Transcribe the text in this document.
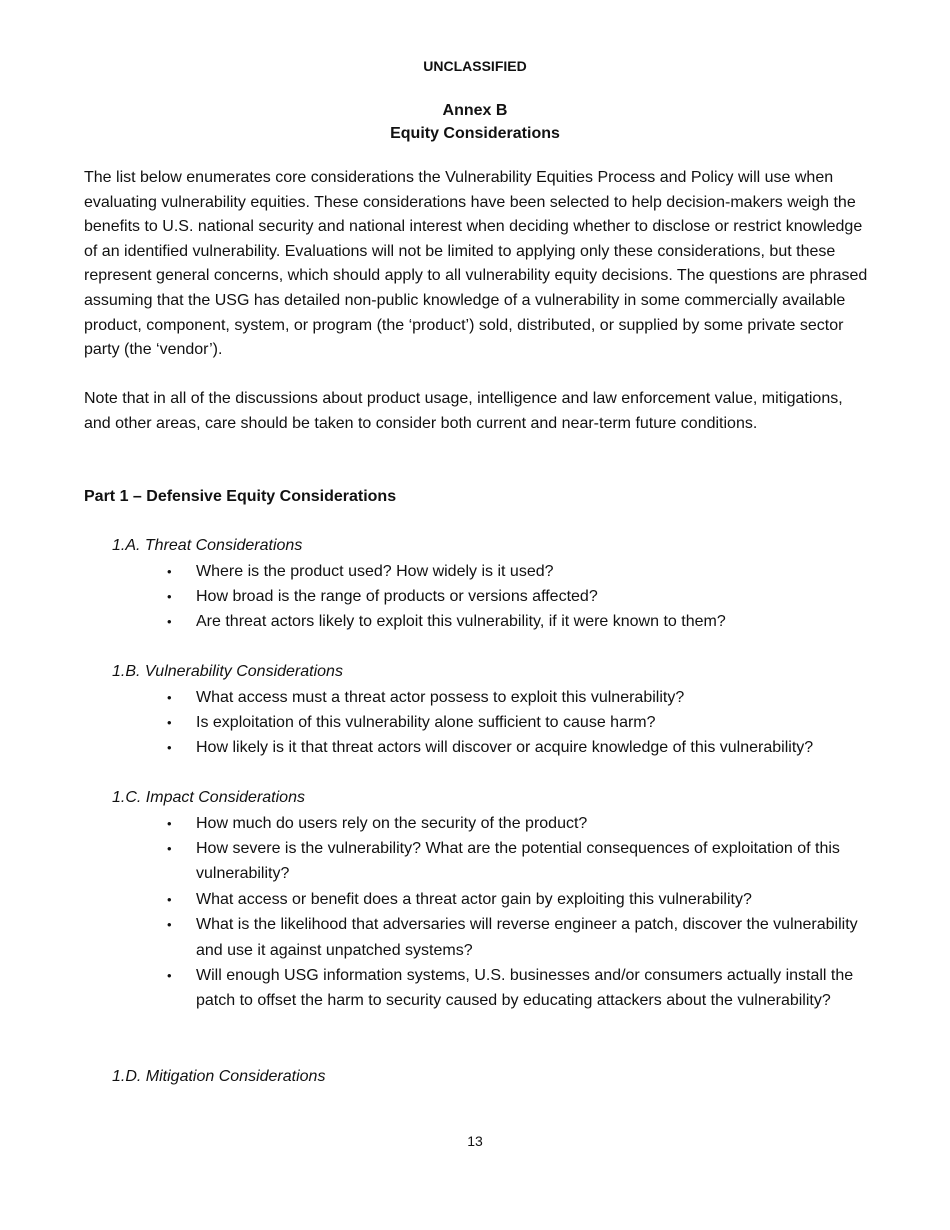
UNCLASSIFIED
Annex B
Equity Considerations

The list below enumerates core considerations the Vulnerability Equities Process and Policy will use when evaluating vulnerability equities. These considerations have been selected to help decision-makers weigh the benefits to U.S. national security and national interest when deciding whether to disclose or restrict knowledge of an identified vulnerability. Evaluations will not be limited to applying only these considerations, but these represent general concerns, which should apply to all vulnerability equity decisions. The questions are phrased assuming that the USG has detailed non-public knowledge of a vulnerability in some commercially available product, component, system, or program (the ‘product’) sold, distributed, or supplied by some private sector party (the ‘vendor’).

Note that in all of the discussions about product usage, intelligence and law enforcement value, mitigations, and other areas, care should be taken to consider both current and near-term future conditions.

Part 1 – Defensive Equity Considerations

1.A. Threat Considerations

• Where is the product used? How widely is it used?
• How broad is the range of products or versions affected?
• Are threat actors likely to exploit this vulnerability, if it were known to them?

1.B. Vulnerability Considerations

• What access must a threat actor possess to exploit this vulnerability?
• Is exploitation of this vulnerability alone sufficient to cause harm?
• How likely is it that threat actors will discover or acquire knowledge of this vulnerability?

1.C. Impact Considerations

• How much do users rely on the security of the product?
• How severe is the vulnerability? What are the potential consequences of exploitation of this vulnerability?
• What access or benefit does a threat actor gain by exploiting this vulnerability?
• What is the likelihood that adversaries will reverse engineer a patch, discover the vulnerability and use it against unpatched systems?
• Will enough USG information systems, U.S. businesses and/or consumers actually install the patch to offset the harm to security caused by educating attackers about the vulnerability?

1.D. Mitigation Considerations

13
